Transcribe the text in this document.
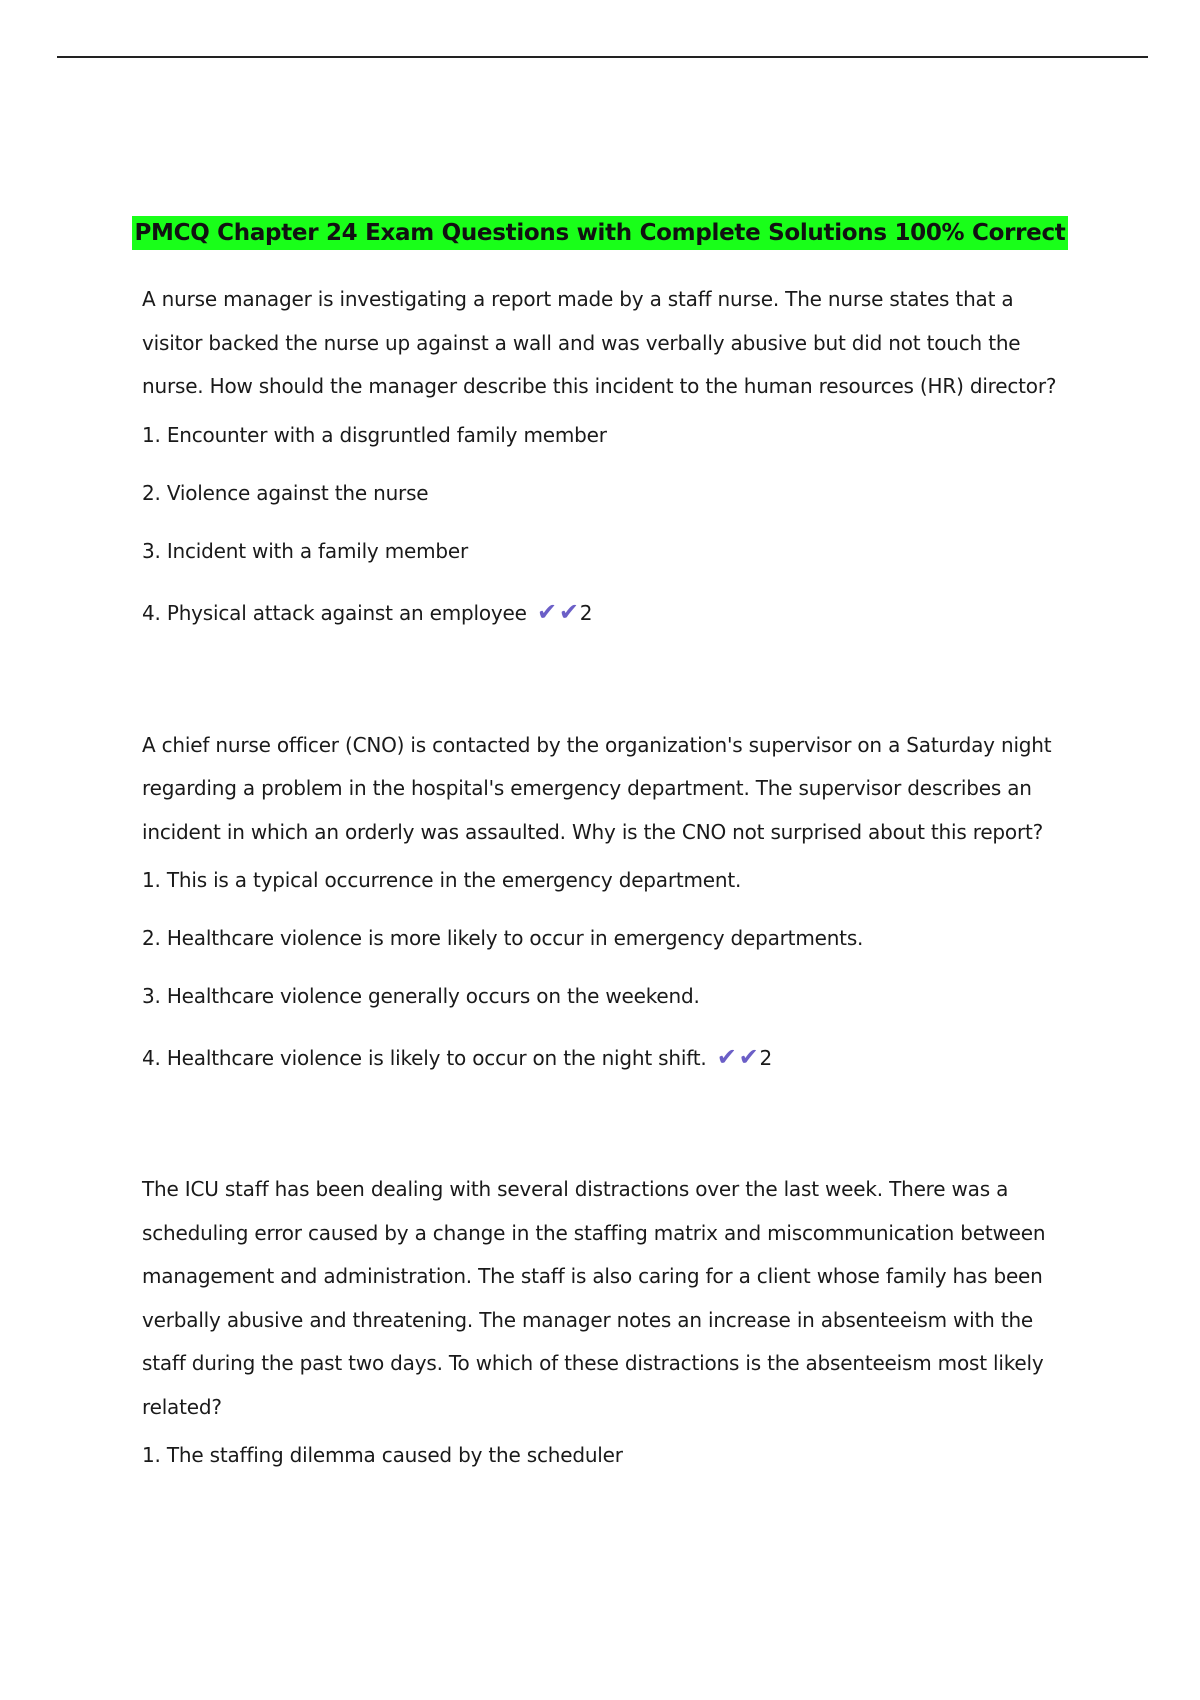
PMCQ Chapter 24 Exam Questions with Complete Solutions 100% Correct

A nurse manager is investigating a report made by a staff nurse. The nurse states that a visitor backed the nurse up against a wall and was verbally abusive but did not touch the nurse. How should the manager describe this incident to the human resources (HR) director?

1. Encounter with a disgruntled family member

2. Violence against the nurse

3. Incident with a family member

4. Physical attack against an employee ✔✔2

A chief nurse officer (CNO) is contacted by the organization's supervisor on a Saturday night regarding a problem in the hospital's emergency department. The supervisor describes an incident in which an orderly was assaulted. Why is the CNO not surprised about this report?

1. This is a typical occurrence in the emergency department.

2. Healthcare violence is more likely to occur in emergency departments.

3. Healthcare violence generally occurs on the weekend.

4. Healthcare violence is likely to occur on the night shift. ✔✔2

The ICU staff has been dealing with several distractions over the last week. There was a scheduling error caused by a change in the staffing matrix and miscommunication between management and administration. The staff is also caring for a client whose family has been verbally abusive and threatening. The manager notes an increase in absenteeism with the staff during the past two days. To which of these distractions is the absenteeism most likely related?

1. The staffing dilemma caused by the scheduler
